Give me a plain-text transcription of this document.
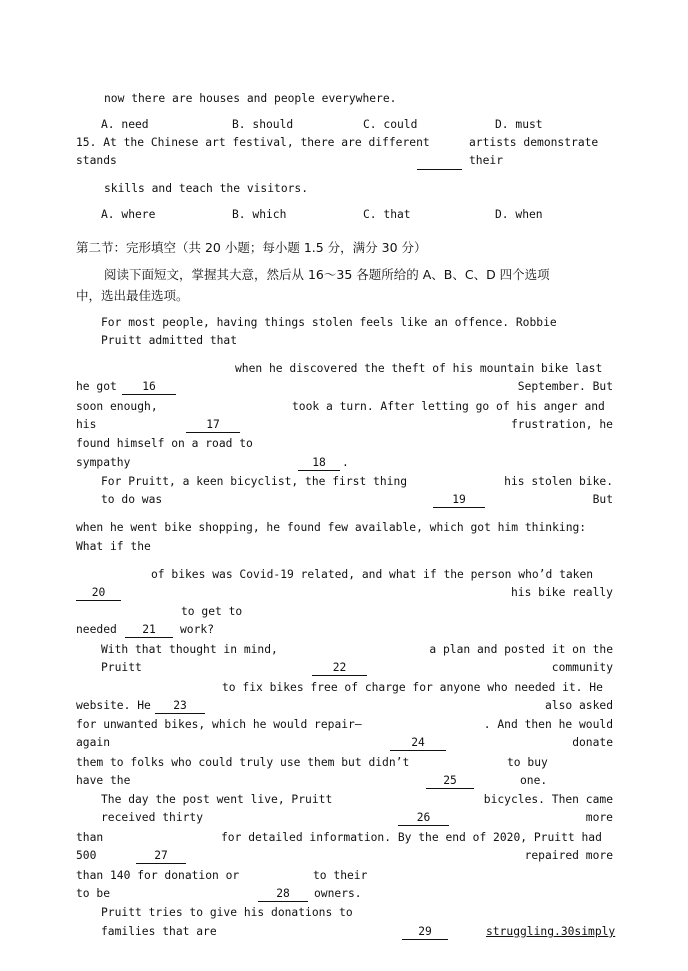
now there are houses and people everywhere.
A. need	B. should	C. could	D. must
15. At the Chinese art festival, there are different	artists demonstrate
stands	their
skills and teach the visitors.
A. where	B. which	C. that	D. when
第二节：完形填空（共 20 小题；每小题 1.5 分，满分 30 分）
阅读下面短文，掌握其大意，然后从 16～35 各题所给的 A、B、C、D 四个选项
中，选出最佳选项。
For most people, having things stolen feels like an offence. Robbie
Pruitt admitted that
when he discovered the theft of his mountain bike last
he got	16	September. But
soon enough,	took a turn. After letting go of his anger and
his	17	frustration, he
found himself on a road to
sympathy	18	.
For Pruitt, a keen bicyclist, the first thing	his stolen bike.
to do was	19	But
when he went bike shopping, he found few available, which got him thinking:
What if the
of bikes was Covid-19 related, and what if the person who’d taken
20	his bike really
to get to
needed	21	work?
With that thought in mind,	a plan and posted it on the
Pruitt	22	community
to fix bikes free of charge for anyone who needed it. He
website. He	23	also asked
for unwanted bikes, which he would repair—	. And then he would
again	24	donate
them to folks who could truly use them but didn’t	to buy
have the	25	one.
The day the post went live, Pruitt	bicycles. Then came
received thirty	26	more
than	for detailed information. By the end of 2020, Pruitt had
500	27	repaired more
than 140 for donation or	to their
to be	28	owners.
Pruitt tries to give his donations to
families that are	29	struggling.30simply
